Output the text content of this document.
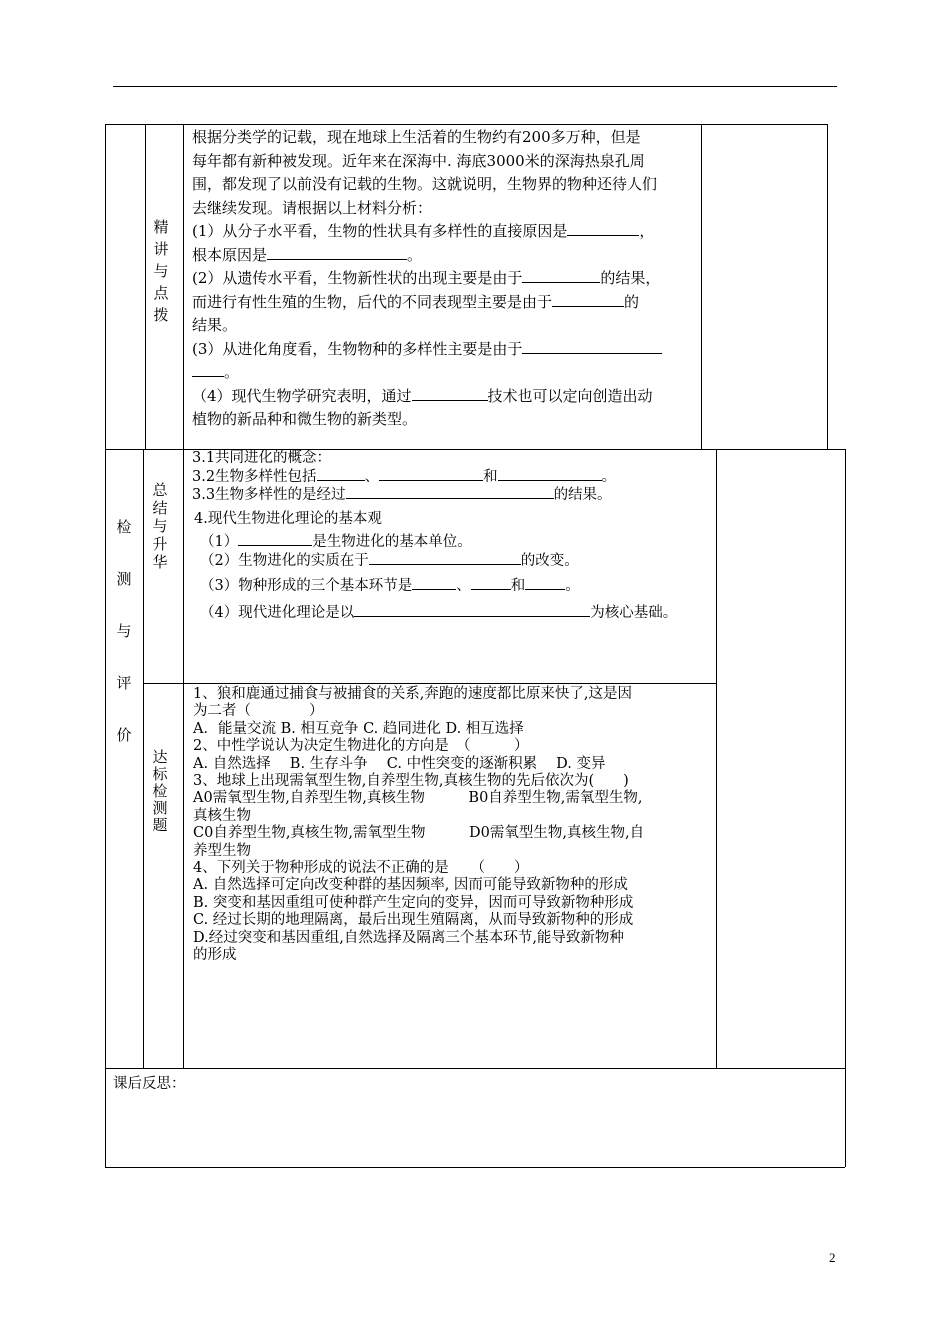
精
讲
与
点
拨

根据分类学的记载，现在地球上生活着的生物约有200多万种，但是

每年都有新种被发现。近年来在深海中. 海底3000米的深海热泉孔周

围，都发现了以前没有记载的生物。这就说明，生物界的物种还待人们

去继续发现。请根据以上材料分析：

(1）从分子水平看，生物的性状具有多样性的直接原因是	，

根本原因是	。

(2）从遗传水平看，生物新性状的出现主要是由于	的结果，

而进行有性生殖的生物，后代的不同表现型主要是由于	的

结果。

(3）从进化角度看，生物物种的多样性主要是由于

。

（4）现代生物学研究表明，通过	技术也可以定向创造出动

植物的新品种和微生物的新类型。

检
测
与
评
价
总
结
与
升
华

3.1共同进化的概念：

3.2生物多样性包括	、	和	。

3.3生物多样性的是经过	的结果。

4.现代生物进化理论的基本观

（1）	是生物进化的基本单位。

（2）生物进化的实质在于	的改变。

（3）物种形成的三个基本环节是	、	和	。

（4）现代进化理论是以	为核心基础。

达
标
检
测
题

1、狼和鹿通过捕食与被捕食的关系,奔跑的速度都比原来快了,这是因

为二者（　　　　）

A．能量交流 B. 相互竞争 C. 趋同进化 D. 相互选择

2、中性学说认为决定生物进化的方向是　（　　　）

A. 自然选择　 B. 生存斗争　 C. 中性突变的逐渐积累　 D. 变异

3、地球上出现需氧型生物,自养型生物,真核生物的先后依次为(　　)

A0需氧型生物,自养型生物,真核生物　　　B0自养型生物,需氧型生物,

真核生物

C0自养型生物,真核生物,需氧型生物　　　D0需氧型生物,真核生物,自

养型生物

4、下列关于物种形成的说法不正确的是　　（　　）

A. 自然选择可定向改变种群的基因频率, 因而可能导致新物种的形成

B. 突变和基因重组可使种群产生定向的变异，因而可导致新物种形成

C. 经过长期的地理隔离，最后出现生殖隔离，从而导致新物种的形成

D.经过突变和基因重组,自然选择及隔离三个基本环节,能导致新物种

的形成

课后反思：
2
